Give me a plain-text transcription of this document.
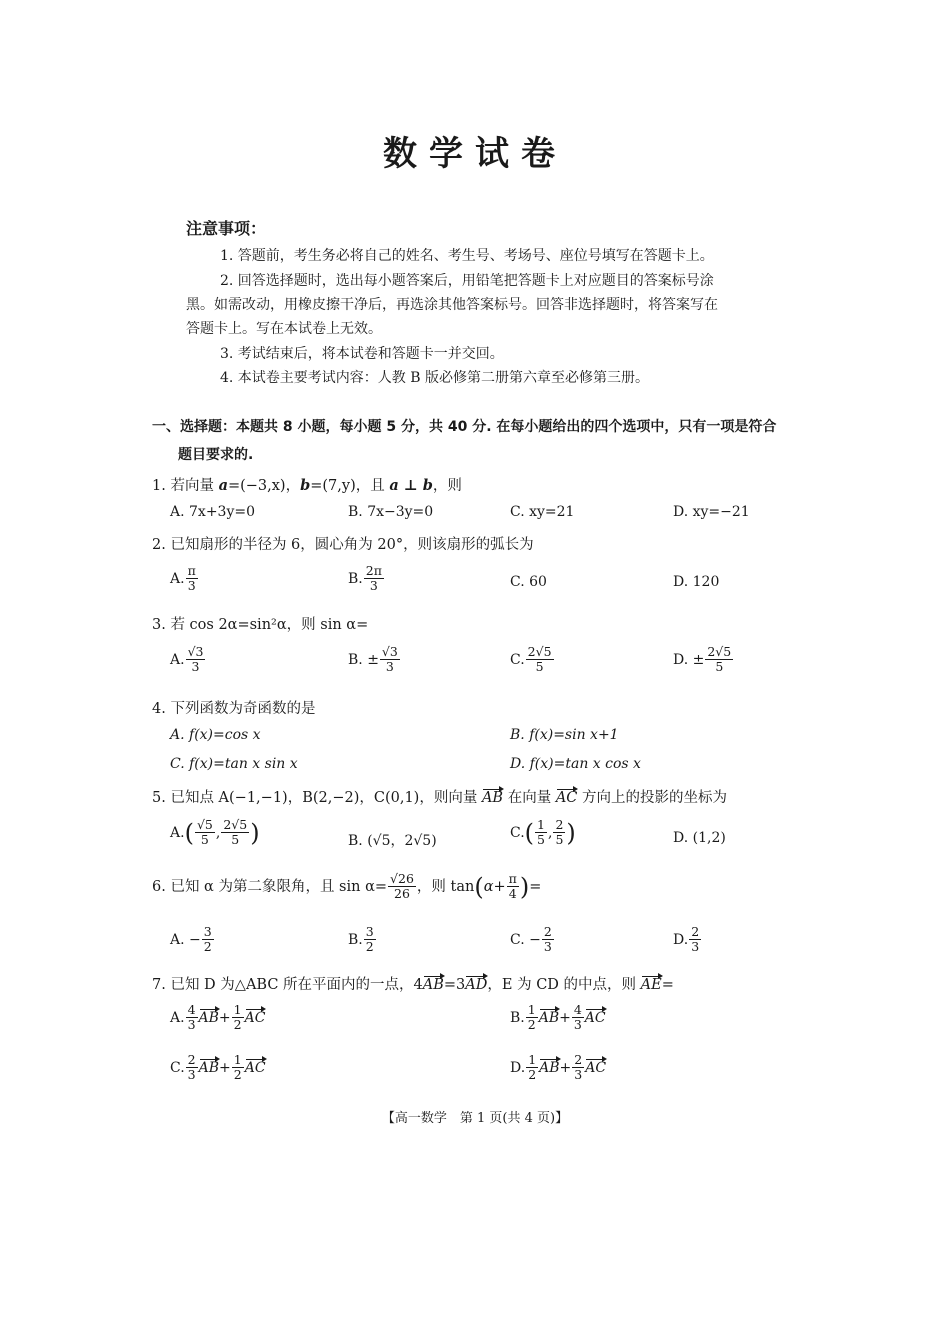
数学试卷
注意事项：
1. 答题前，考生务必将自己的姓名、考生号、考场号、座位号填写在答题卡上。
2. 回答选择题时，选出每小题答案后，用铅笔把答题卡上对应题目的答案标号涂
黑。如需改动，用橡皮擦干净后，再选涂其他答案标号。回答非选择题时，将答案写在
答题卡上。写在本试卷上无效。
3. 考试结束后，将本试卷和答题卡一并交回。
4. 本试卷主要考试内容：人教 B 版必修第二册第六章至必修第三册。
一、选择题：本题共 8 小题，每小题 5 分，共 40 分. 在每小题给出的四个选项中，只有一项是符合
题目要求的.
1. 若向量 a=(−3,x)，b=(7,y)，且 a ⊥ b，则
A. 7x+3y=0	B. 7x−3y=0	C. xy=21	D. xy=−21
2. 已知扇形的半径为 6，圆心角为 20°，则该扇形的弧长为
A. $\frac{\pi}{3}$	B. $\frac{2\pi}{3}$	C. 60	D. 120
3. 若 cos 2α=sin²α，则 sin α=
A. $\frac{√3}{3}$	B. ± $\frac{√3}{3}$	C. $\frac{2√5}{5}$	D. ± $\frac{2√5}{5}$
4. 下列函数为奇函数的是
A. f(x)=cos x	B. f(x)=sin x+1
C. f(x)=tan x sin x	D. f(x)=tan x cos x
5. 已知点 A(−1,−1)，B(2,−2)，C(0,1)，则向量 AB 在向量 AC 方向上的投影的坐标为
$A.( \frac{√5}{5}$ , $\frac{2√5}{5}$ )	B. (√5，2√5)
$C.( \frac{1}{5}$ , $\frac{2}{5}$ )	D. (1,2)
6. 已知 α 为第二象限角，且 $\sin \alpha= \frac{√26}{26}$ ，则 $\tan(\alpha+ \frac{\pi}{4}$ )=
A. − $\frac{3}{2}$	B. $\frac{3}{2}$	C. − $\frac{2}{3}$	D. $\frac{2}{3}$
7. 已知 D 为△ABC 所在平面内的一点，4AB=3AD，E 为 CD 的中点，则 AE=
A. $\frac{4}{3} AB+ \frac{1}{2}$ AC	B. $\frac{1}{2} AB+ \frac{4}{3}$ AC
C. $\frac{2}{3} AB+ \frac{1}{2}$ AC	D. $\frac{1}{2} AB+ \frac{2}{3}$ AC
【高一数学　第 1 页(共 4 页)】
